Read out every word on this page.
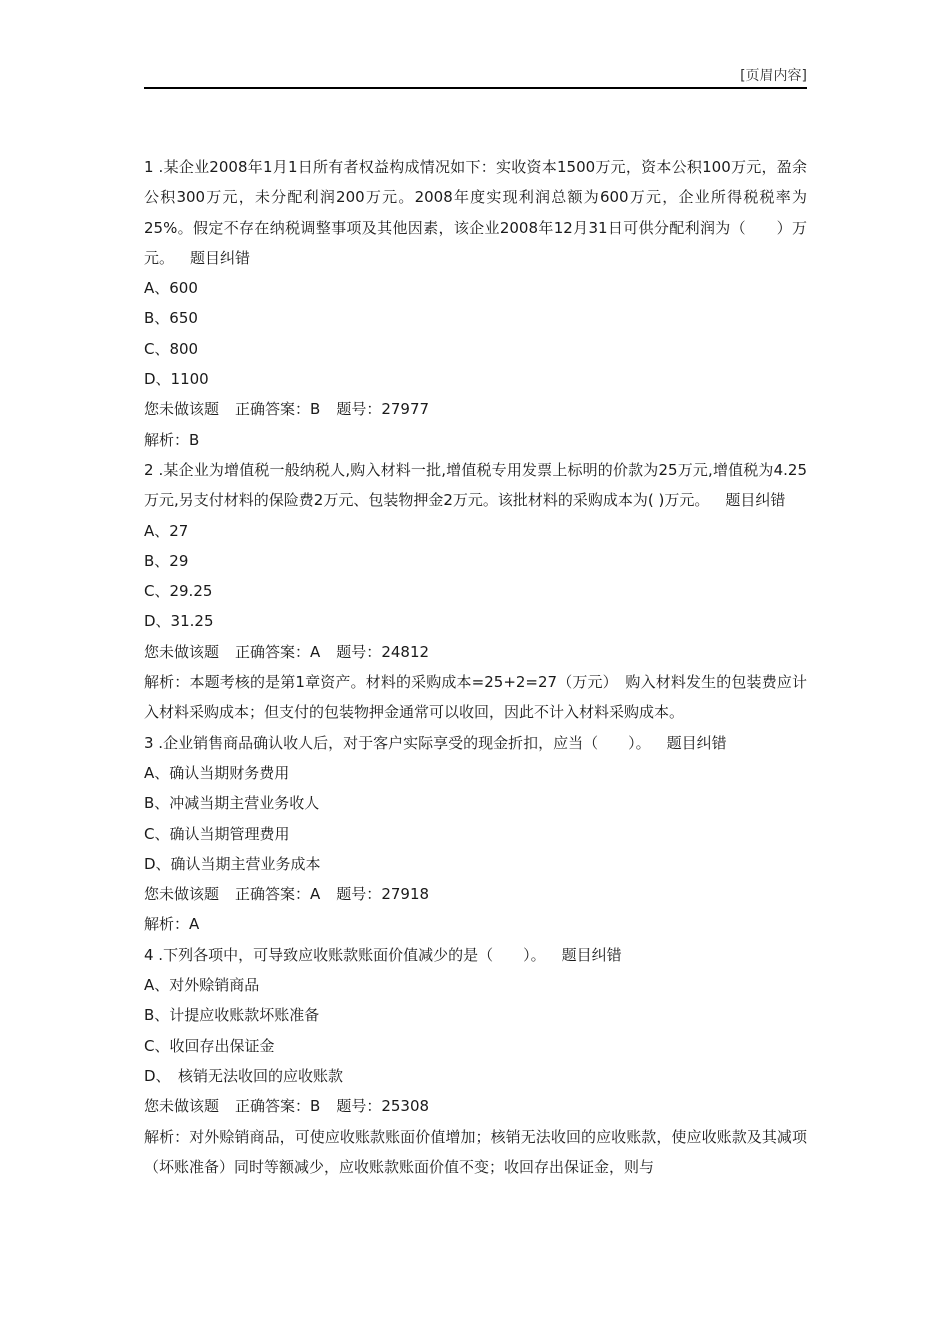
[页眉内容]
1 .某企业2008年1月1日所有者权益构成情况如下：实收资本1500万元，资本公积100万元，盈余公积300万元，未分配利润200万元。2008年度实现利润总额为600万元，企业所得税税率为25%。假定不存在纳税调整事项及其他因素，该企业2008年12月31日可供分配利润为（　　）万元。 题目纠错
A、600
B、650
C、800
D、1100
您未做该题 正确答案：B 题号：27977
解析：B
2 .某企业为增值税一般纳税人,购入材料一批,增值税专用发票上标明的价款为25万元,增值税为4.25万元,另支付材料的保险费2万元、包装物押金2万元。该批材料的采购成本为( )万元。 题目纠错
A、27
B、29
C、29.25
D、31.25
您未做该题 正确答案：A 题号：24812
解析：本题考核的是第1章资产。材料的采购成本=25+2=27（万元）　购入材料发生的包装费应计入材料采购成本；但支付的包装物押金通常可以收回，因此不计入材料采购成本。
3 .企业销售商品确认收人后，对于客户实际享受的现金折扣，应当（　　）。 题目纠错
A、确认当期财务费用
B、冲减当期主营业务收人
C、确认当期管理费用
D、确认当期主营业务成本
您未做该题 正确答案：A 题号：27918
解析：A
4 .下列各项中，可导致应收账款账面价值减少的是（　　）。 题目纠错
A、对外赊销商品
B、计提应收账款坏账准备
C、收回存出保证金
D、　核销无法收回的应收账款
您未做该题 正确答案：B 题号：25308
解析：对外赊销商品，可使应收账款账面价值增加；核销无法收回的应收账款，使应收账款及其减项（坏账准备）同时等额减少，应收账款账面价值不变；收回存出保证金，则与
